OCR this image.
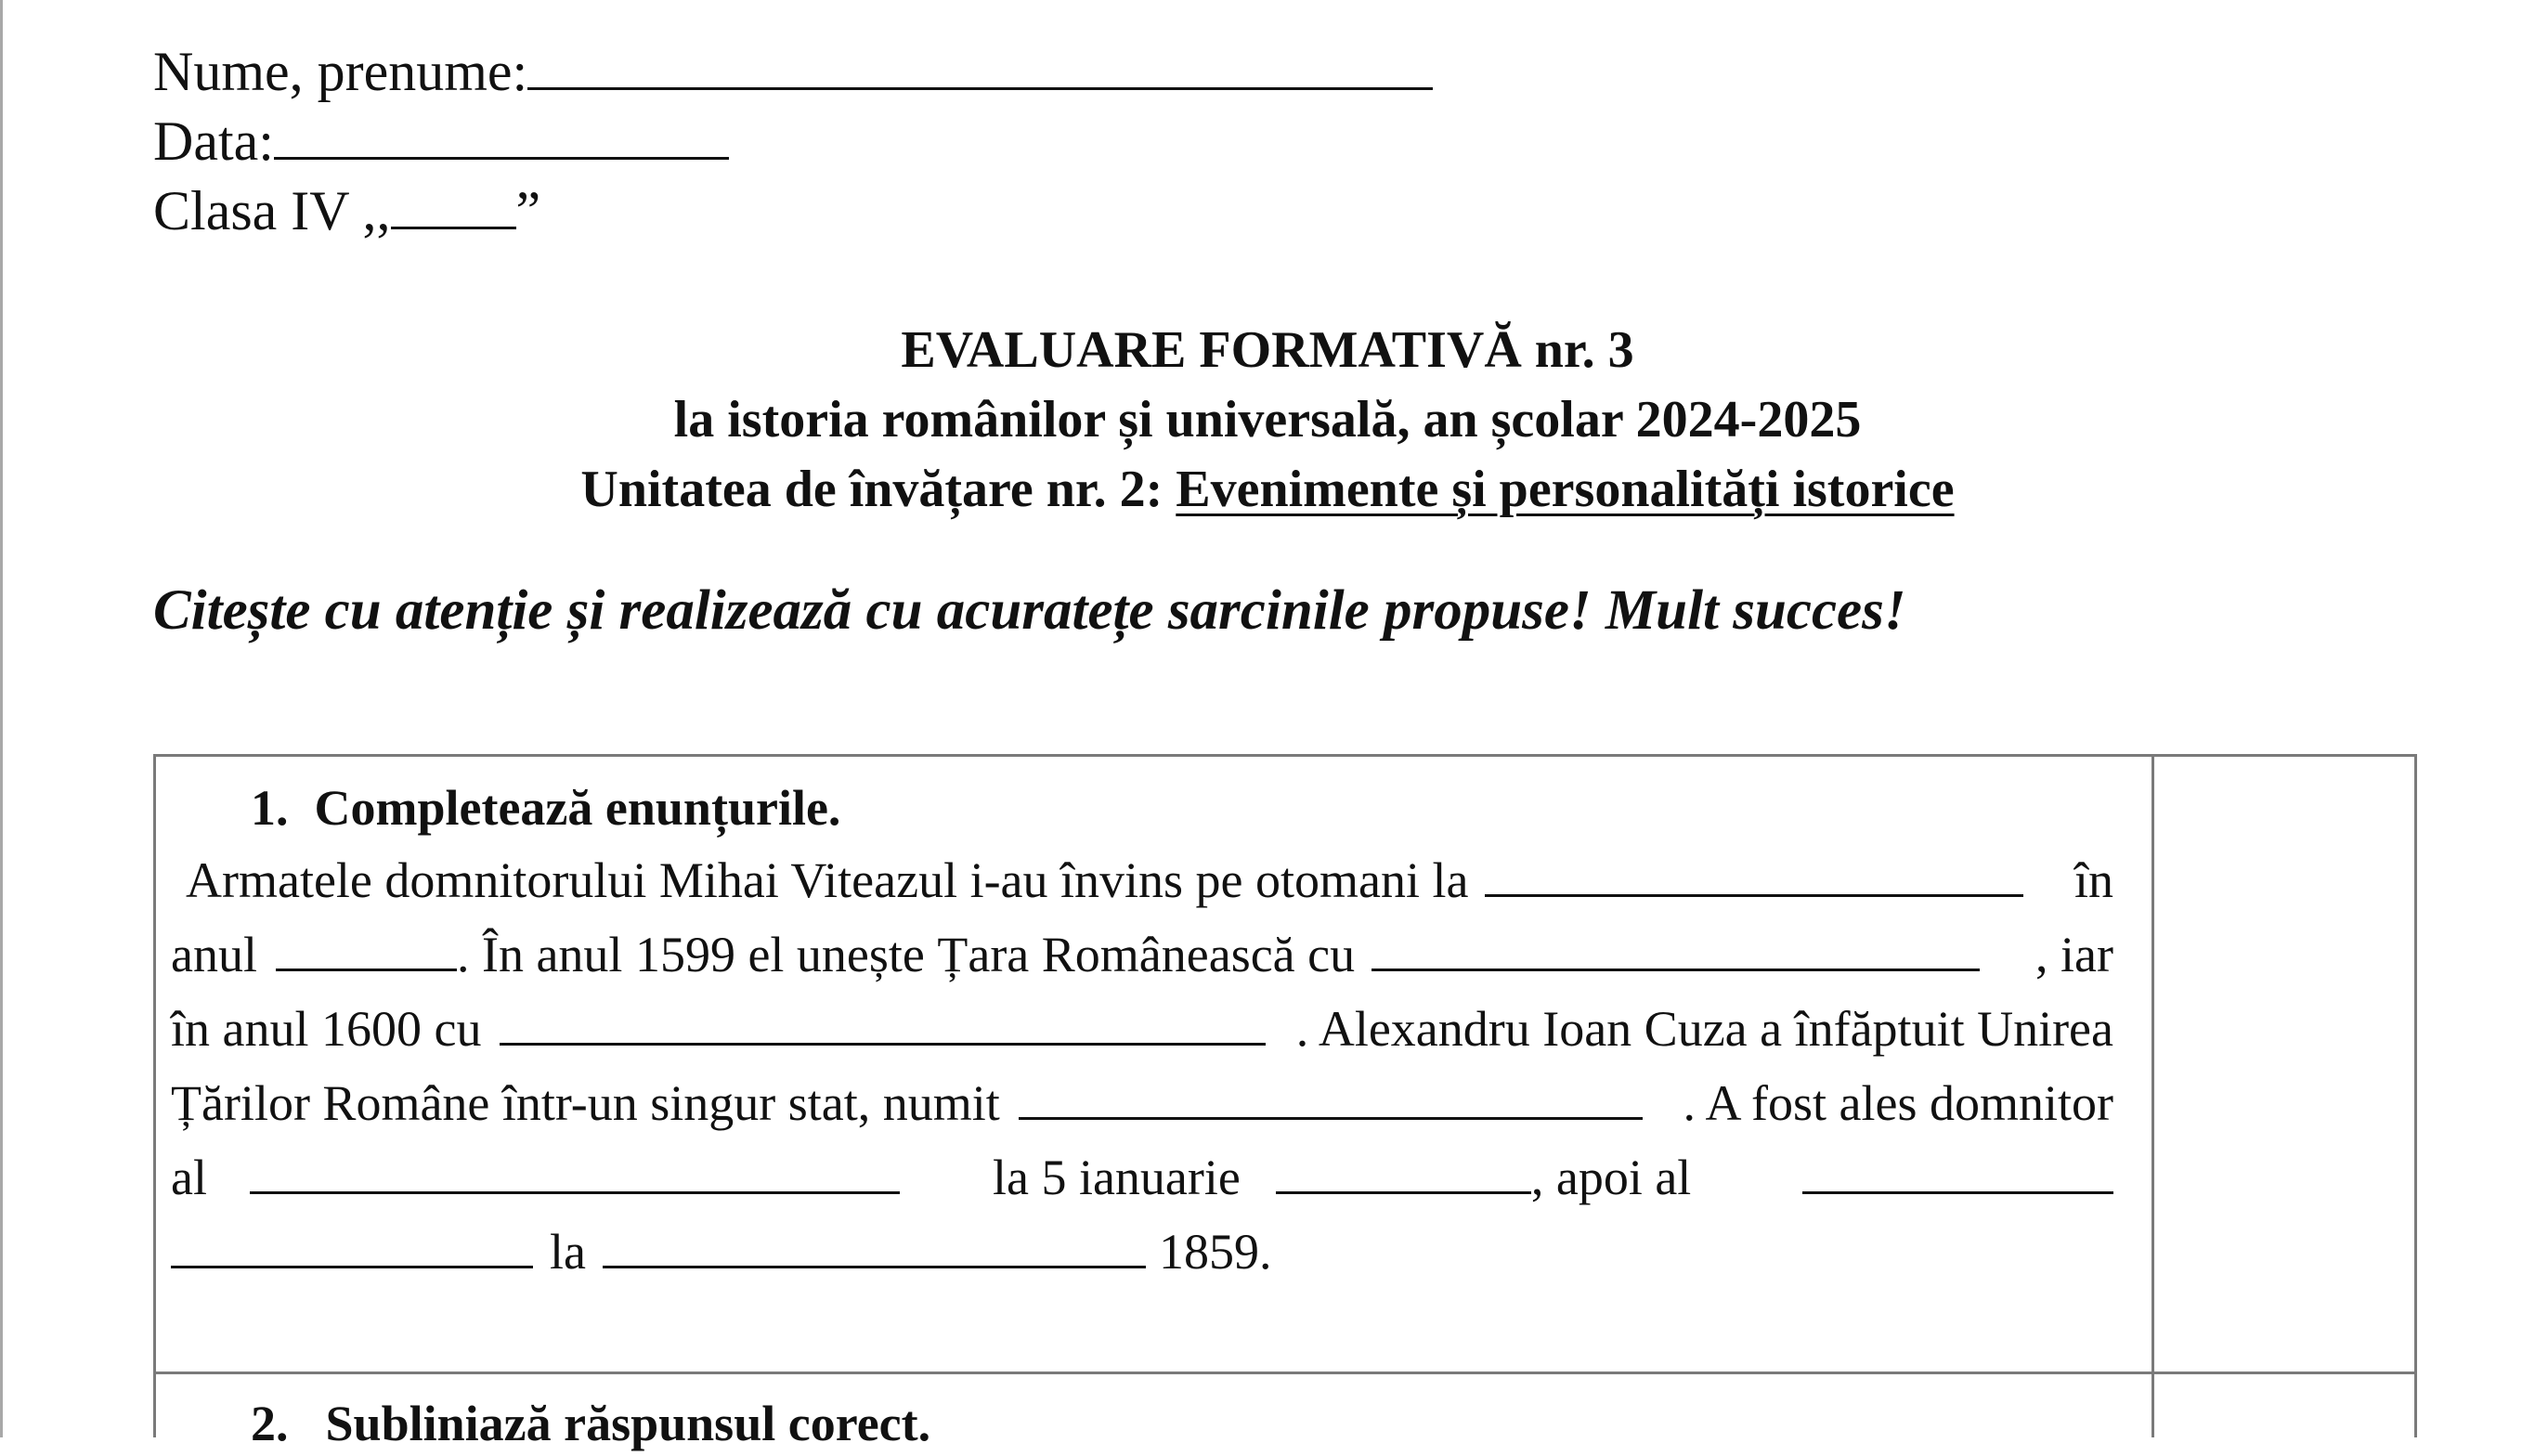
Nume, prenume:
Data:
Clasa IV ,, ”
EVALUARE FORMATIVĂ nr. 3
la istoria românilor și universală, an școlar 2024-2025
Unitatea de învățare nr. 2: Evenimente și personalități istorice
Citește cu atenție și realizează cu acuratețe sarcinile propuse! Mult succes!
1. Completează enunțurile.
Armatele domnitorului Mihai Viteazul i-au învins pe otomani la	în
anul	. În anul 1599 el unește Țara Românească cu	, iar
în anul 1600 cu	. Alexandru Ioan Cuza a înfăptuit Unirea
Țărilor Române într-un singur stat, numit	. A fost ales domnitor
al	la 5 ianuarie	, apoi al
la	1859.
2. Subliniază răspunsul corect.
